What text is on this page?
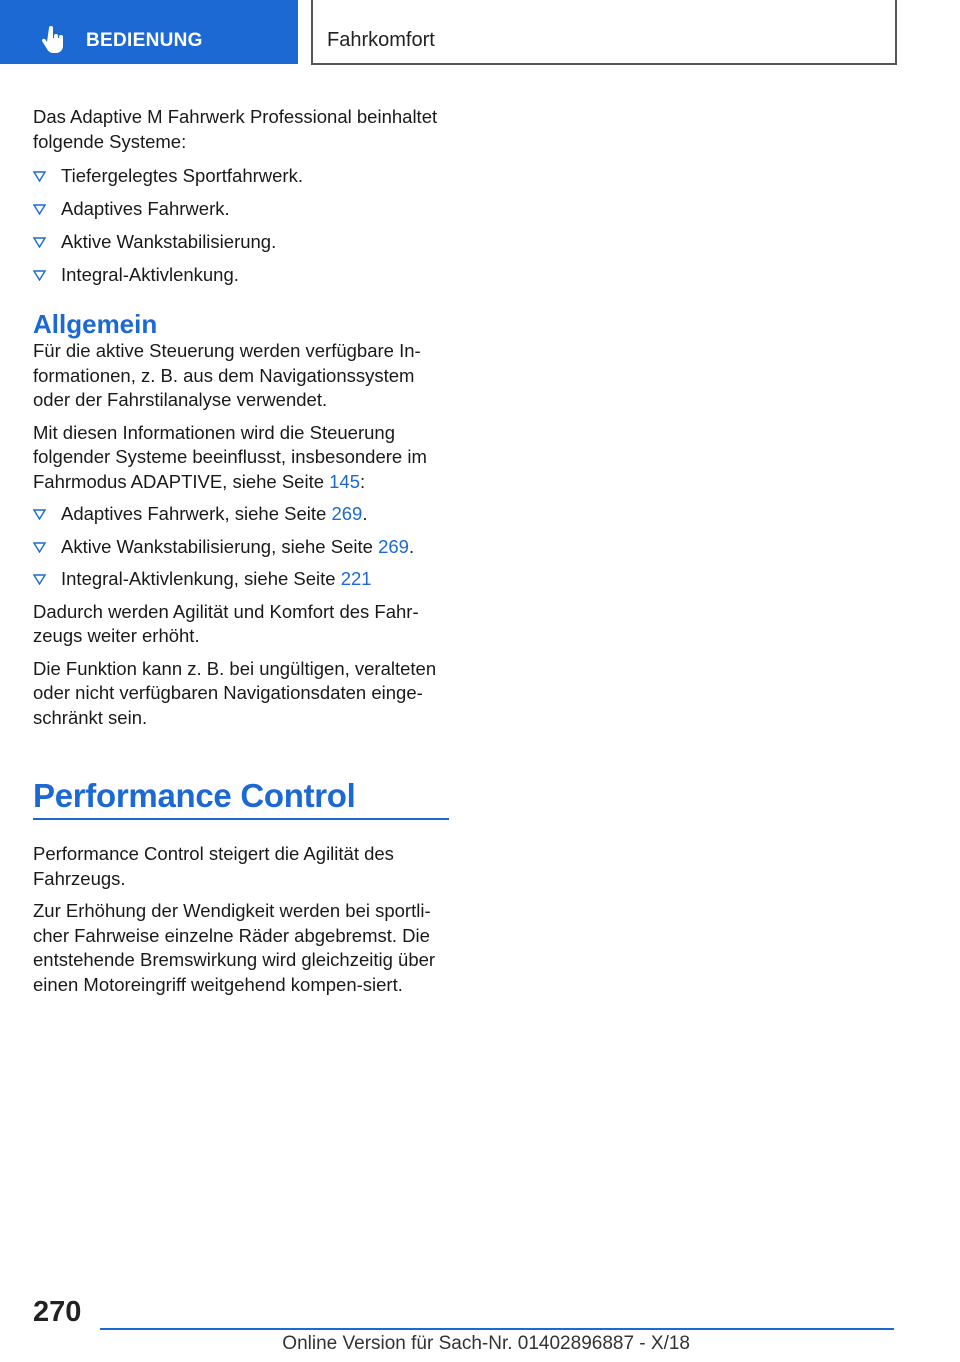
BEDIENUNG	Fahrkomfort

Das Adaptive M Fahrwerk Professional beinhaltet folgende Systeme:

Tiefergelegtes Sportfahrwerk.
Adaptives Fahrwerk.
Aktive Wankstabilisierung.
Integral-Aktivlenkung.
Allgemein

Für die aktive Steuerung werden verfügbare In-formationen, z. B. aus dem Navigationssystem oder der Fahrstilanalyse verwendet.

Mit diesen Informationen wird die Steuerung folgender Systeme beeinflusst, insbesondere im Fahrmodus ADAPTIVE, siehe Seite 145:

Adaptives Fahrwerk, siehe Seite 269.
Aktive Wankstabilisierung, siehe Seite 269.
Integral-Aktivlenkung, siehe Seite 221

Dadurch werden Agilität und Komfort des Fahr-zeugs weiter erhöht.

Die Funktion kann z. B. bei ungültigen, veralteten oder nicht verfügbaren Navigationsdaten einge-schränkt sein.

Performance Control

Performance Control steigert die Agilität des Fahrzeugs.

Zur Erhöhung der Wendigkeit werden bei sportli-cher Fahrweise einzelne Räder abgebremst. Die entstehende Bremswirkung wird gleichzeitig über einen Motoreingriff weitgehend kompen-siert.

270
Online Version für Sach-Nr. 01402896887 - X/18
